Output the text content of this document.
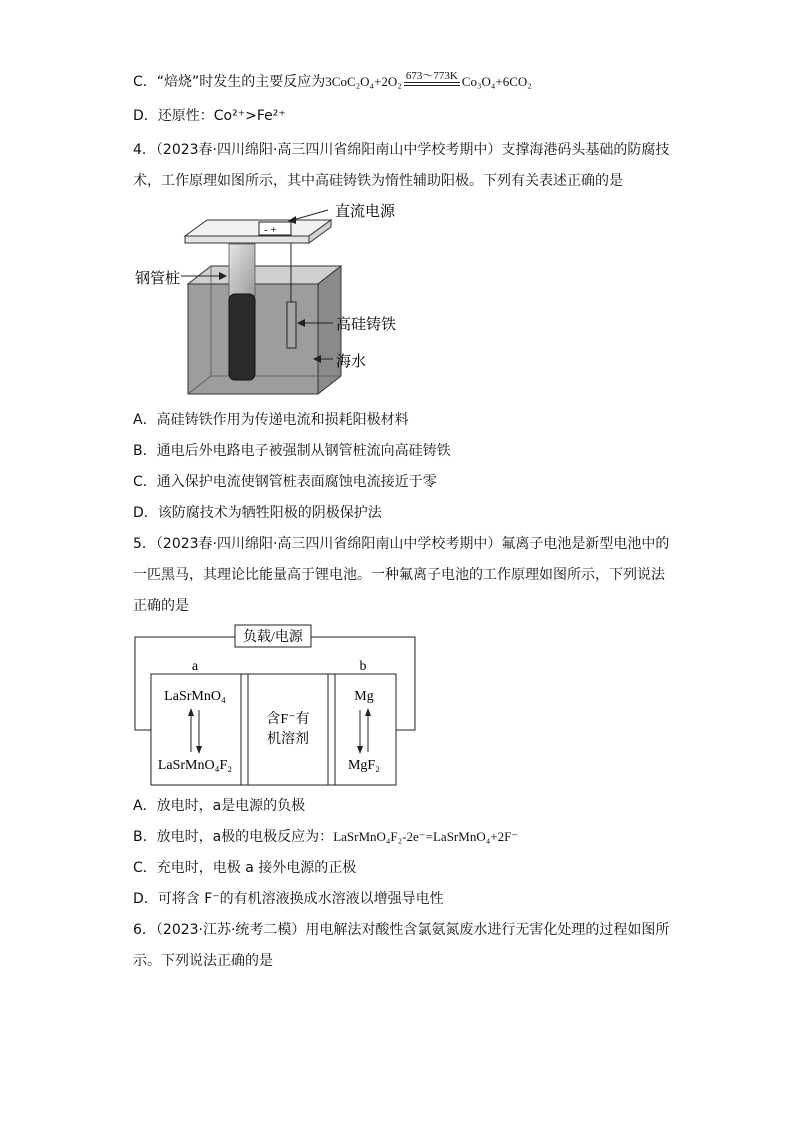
C．“焙烧”时发生的主要反应为3CoC₂O₄+2O₂ 673～773K Co₃O₄+6CO₂
D．还原性：Co²⁺>Fe²⁺
4．（2023春·四川绵阳·高三四川省绵阳南山中学校考期中）支撑海港码头基础的防腐技
术，工作原理如图所示，其中高硅铸铁为惰性辅助阳极。下列有关表述正确的是
- +
直流电源
钢管桩
高硅铸铁
海水
A．高硅铸铁作用为传递电流和损耗阳极材料
B．通电后外电路电子被强制从钢管桩流向高硅铸铁
C．通入保护电流使钢管桩表面腐蚀电流接近于零
D．该防腐技术为牺牲阳极的阴极保护法
5．（2023春·四川绵阳·高三四川省绵阳南山中学校考期中）氟离子电池是新型电池中的
一匹黑马，其理论比能量高于锂电池。一种氟离子电池的工作原理如图所示，下列说法
正确的是
负载/电源
a	b
LaSrMnO₄
LaSrMnO₄F₂
含F⁻有
机溶剂
Mg
MgF₂
A．放电时，a是电源的负极
B．放电时，a极的电极反应为：LaSrMnO₄F₂-2e⁻=LaSrMnO₄+2F⁻
C．充电时，电极 a 接外电源的正极
D．可将含 F⁻的有机溶液换成水溶液以增强导电性
6．（2023·江苏·统考二模）用电解法对酸性含氯氨氮废水进行无害化处理的过程如图所
示。下列说法正确的是
